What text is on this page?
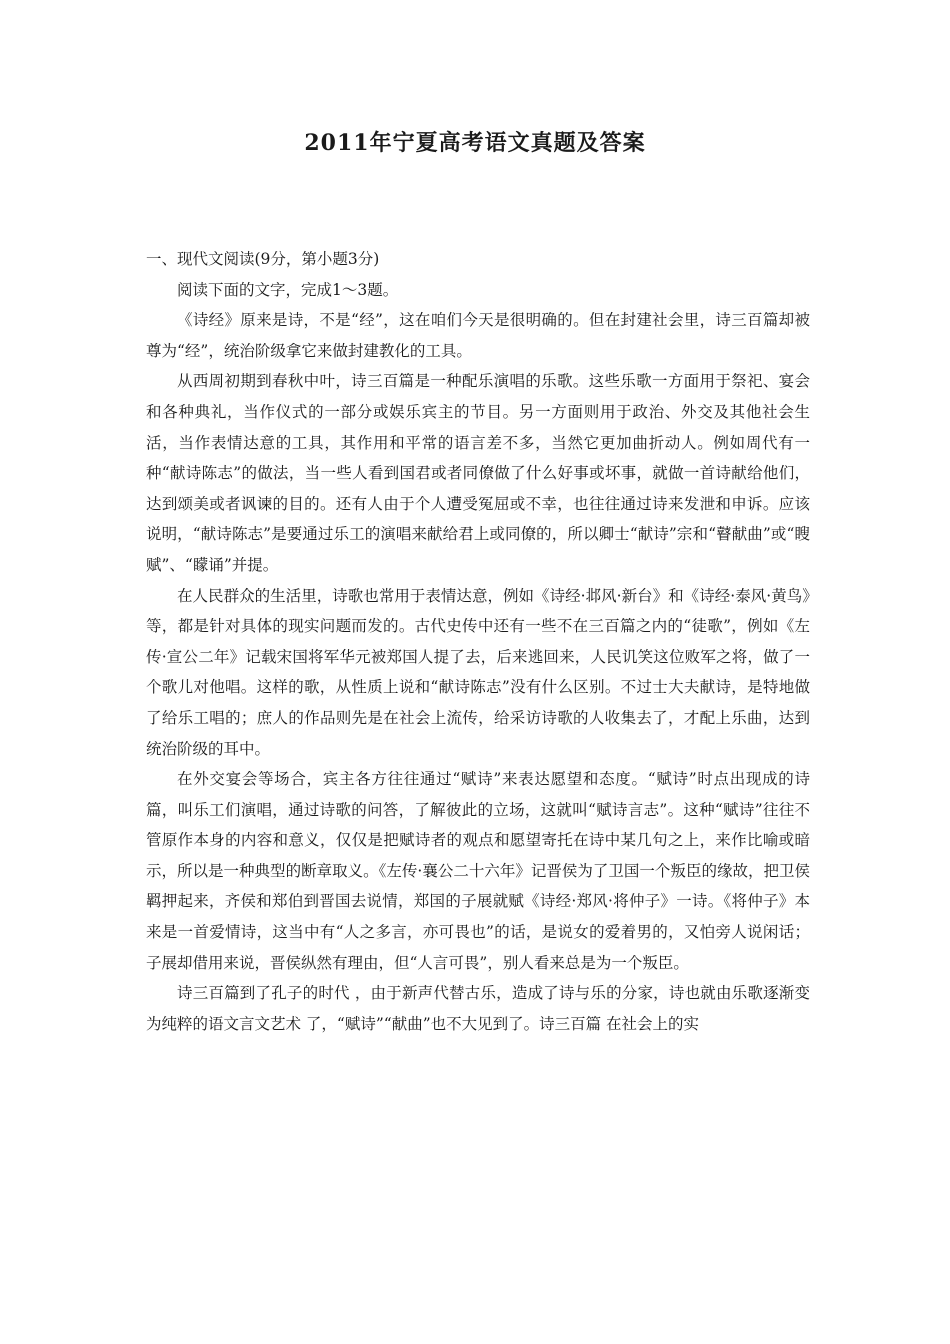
2011年宁夏高考语文真题及答案

一、现代文阅读(9分，第小题3分)

阅读下面的文字，完成1～3题。

《诗经》原来是诗，不是“经”，这在咱们今天是很明确的。但在封建社会里，诗三百篇却被尊为“经”，统治阶级拿它来做封建教化的工具。

从西周初期到春秋中叶，诗三百篇是一种配乐演唱的乐歌。这些乐歌一方面用于祭祀、宴会和各种典礼，当作仪式的一部分或娱乐宾主的节目。另一方面则用于政治、外交及其他社会生活，当作表情达意的工具，其作用和平常的语言差不多，当然它更加曲折动人。例如周代有一种“献诗陈志”的做法，当一些人看到国君或者同僚做了什么好事或坏事，就做一首诗献给他们，达到颂美或者讽谏的目的。还有人由于个人遭受冤屈或不幸，也往往通过诗来发泄和申诉。应该说明，“献诗陈志”是要通过乐工的演唱来献给君上或同僚的，所以卿士“献诗”宗和“瞽献曲”或“瞍赋”、“矇诵”并提。

在人民群众的生活里，诗歌也常用于表情达意，例如《诗经·邶风·新台》和《诗经·泰风·黄鸟》等，都是针对具体的现实问题而发的。古代史传中还有一些不在三百篇之内的“徒歌”，例如《左传·宣公二年》记载宋国将军华元被郑国人提了去，后来逃回来，人民讥笑这位败军之将，做了一个歌儿对他唱。这样的歌，从性质上说和“献诗陈志”没有什么区别。不过士大夫献诗，是特地做了给乐工唱的；庶人的作品则先是在社会上流传，给采访诗歌的人收集去了，才配上乐曲，达到统治阶级的耳中。

在外交宴会等场合，宾主各方往往通过“赋诗”来表达愿望和态度。“赋诗”时点出现成的诗篇，叫乐工们演唱，通过诗歌的问答，了解彼此的立场，这就叫“赋诗言志”。这种“赋诗”往往不管原作本身的内容和意义，仅仅是把赋诗者的观点和愿望寄托在诗中某几句之上，来作比喻或暗示，所以是一种典型的断章取义。《左传·襄公二十六年》记晋侯为了卫国一个叛臣的缘故，把卫侯羁押起来，齐侯和郑伯到晋国去说情，郑国的子展就赋《诗经·郑风·将仲子》一诗。《将仲子》本来是一首爱情诗，这当中有“人之多言，亦可畏也”的话，是说女的爱着男的，又怕旁人说闲话；子展却借用来说，晋侯纵然有理由，但“人言可畏”，别人看来总是为一个叛臣。

诗三百篇到了孔子的时代 ，由于新声代替古乐，造成了诗与乐的分家，诗也就由乐歌逐渐变为纯粹的语文言文艺术 了，“赋诗”“献曲”也不大见到了。诗三百篇 在社会上的实
